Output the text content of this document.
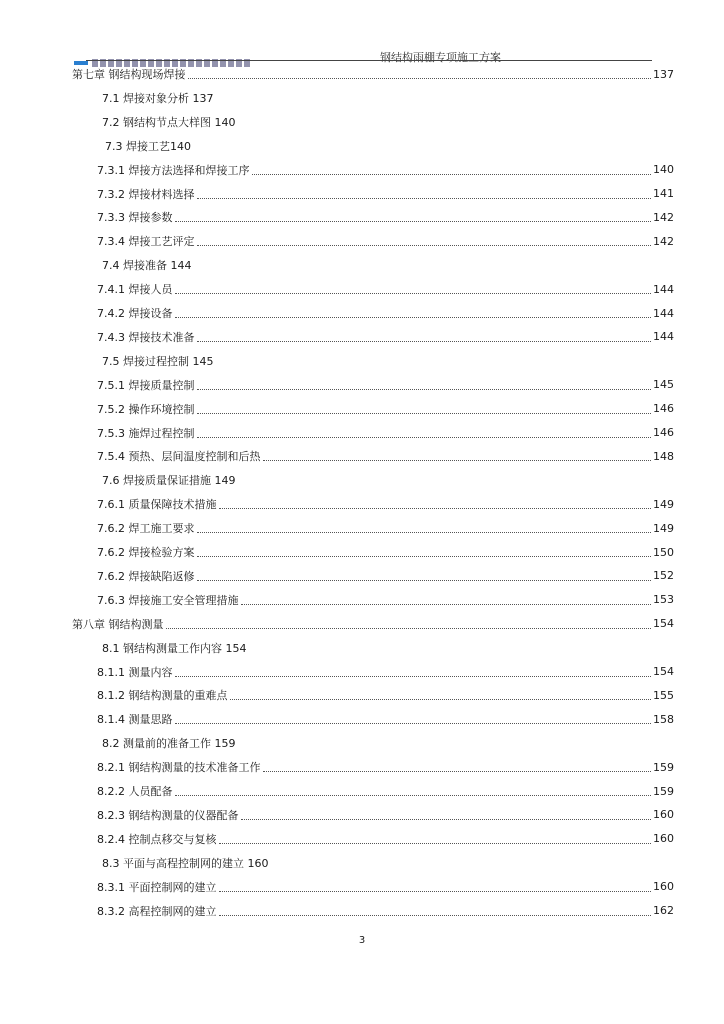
钢结构雨棚专项施工方案
第七章 钢结构现场焊接	137
7.1 焊接对象分析 137
7.2 钢结构节点大样图 140
7.3 焊接工艺140
7.3.1 焊接方法选择和焊接工序	140
7.3.2 焊接材料选择	141
7.3.3 焊接参数	142
7.3.4 焊接工艺评定	142
7.4 焊接准备 144
7.4.1 焊接人员	144
7.4.2 焊接设备	144
7.4.3 焊接技术准备	144
7.5 焊接过程控制 145
7.5.1 焊接质量控制	145
7.5.2 操作环境控制	146
7.5.3 施焊过程控制	146
7.5.4 预热、层间温度控制和后热	148
7.6 焊接质量保证措施 149
7.6.1 质量保障技术措施	149
7.6.2 焊工施工要求	149
7.6.2 焊接检验方案	150
7.6.2 焊接缺陷返修	152
7.6.3 焊接施工安全管理措施	153
第八章 钢结构测量	154
8.1 钢结构测量工作内容 154
8.1.1 测量内容	154
8.1.2 钢结构测量的重难点	155
8.1.4 测量思路	158
8.2 测量前的准备工作 159
8.2.1 钢结构测量的技术准备工作	159
8.2.2 人员配备	159
8.2.3 钢结构测量的仪器配备	160
8.2.4 控制点移交与复核	160
8.3 平面与高程控制网的建立 160
8.3.1 平面控制网的建立	160
8.3.2 高程控制网的建立	162
3
